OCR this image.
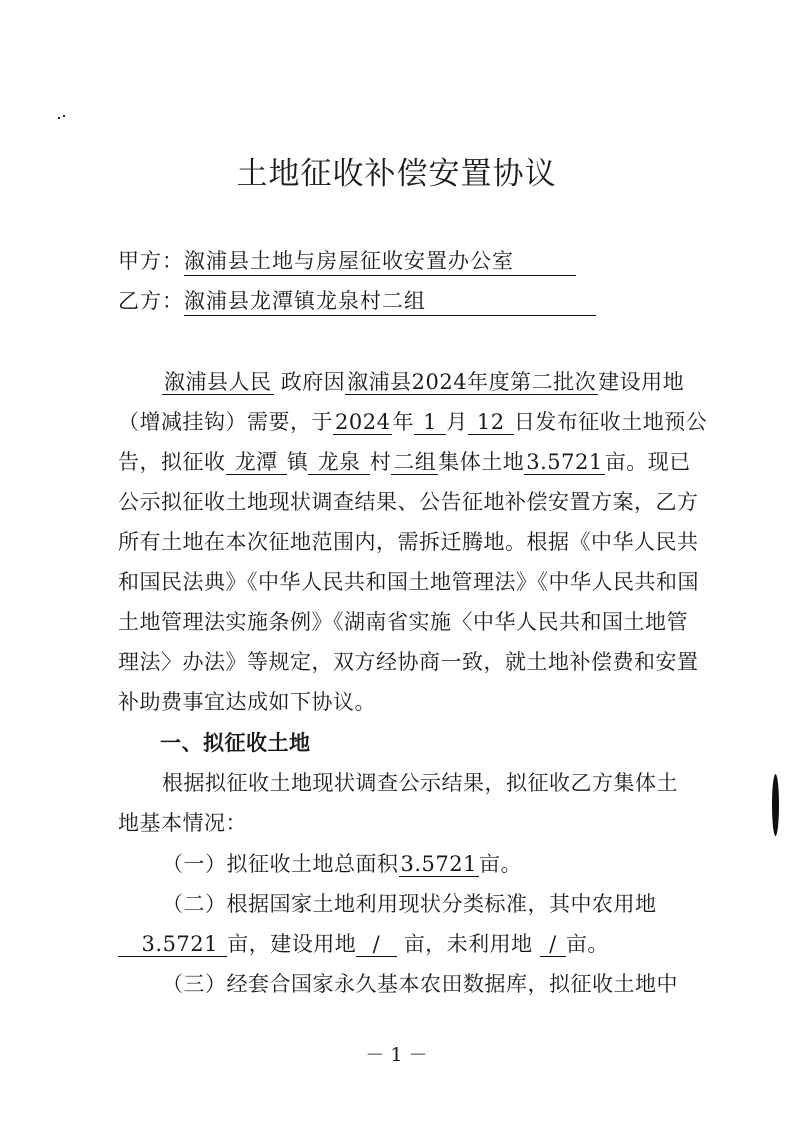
土地征收补偿安置协议
甲方：溆浦县土地与房屋征收安置办公室
乙方：溆浦县龙潭镇龙泉村二组
溆浦县人民 政府因溆浦县2024年度第二批次建设用地
（增减挂钩）需要，于2024年 1 月 12 日发布征收土地预公
告，拟征收 龙潭 镇 龙泉 村二组集体土地3.5721亩。现已
公示拟征收土地现状调查结果、公告征地补偿安置方案，乙方
所有土地在本次征地范围内，需拆迁腾地。根据《中华人民共
和国民法典》《中华人民共和国土地管理法》《中华人民共和国
土地管理法实施条例》《湖南省实施〈中华人民共和国土地管
理法〉办法》等规定，双方经协商一致，就土地补偿费和安置
补助费事宜达成如下协议。
一、拟征收土地
根据拟征收土地现状调查公示结果，拟征收乙方集体土
地基本情况：
（一）拟征收土地总面积3.5721亩。
（二）根据国家土地利用现状分类标准，其中农用地
3.5721 亩，建设用地 / 亩，未利用地 / 亩。
（三）经套合国家永久基本农田数据库，拟征收土地中
－ 1 －
